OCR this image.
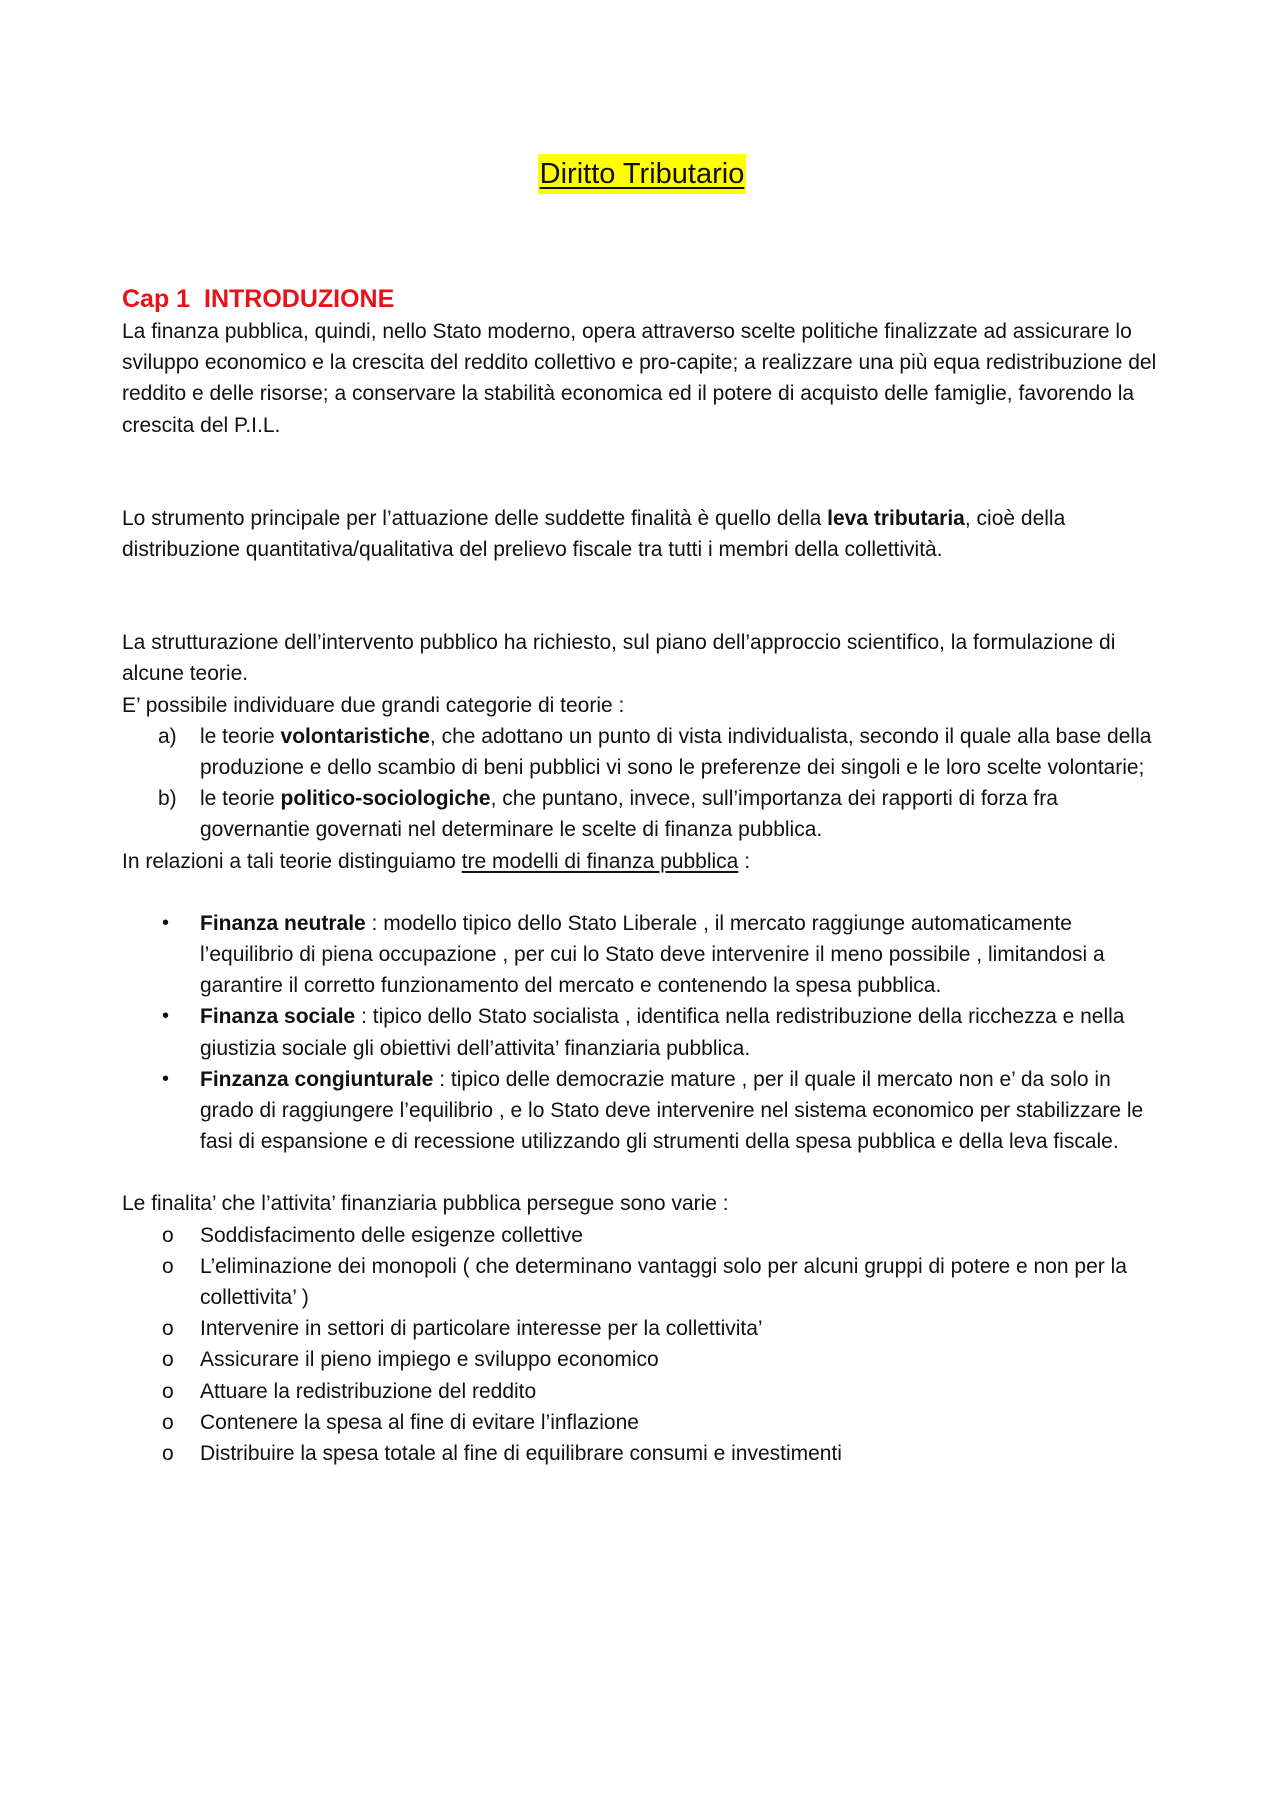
Diritto Tributario
Cap 1 INTRODUZIONE

La finanza pubblica, quindi, nello Stato moderno, opera attraverso scelte politiche finalizzate ad assicurare lo sviluppo economico e la crescita del reddito collettivo e pro-capite; a realizzare una più equa redistribuzione del reddito e delle risorse; a conservare la stabilità economica ed il potere di acquisto delle famiglie, favorendo la crescita del P.I.L.

Lo strumento principale per l’attuazione delle suddette finalità è quello della leva tributaria, cioè della distribuzione quantitativa/qualitativa del prelievo fiscale tra tutti i membri della collettività.

La strutturazione dell’intervento pubblico ha richiesto, sul piano dell’approccio scientifico, la formulazione di alcune teorie.

E’ possibile individuare due grandi categorie di teorie :

a) le teorie volontaristiche, che adottano un punto di vista individualista, secondo il quale alla base della produzione e dello scambio di beni pubblici vi sono le preferenze dei singoli e le loro scelte volontarie;
b) le teorie politico-sociologiche, che puntano, invece, sull’importanza dei rapporti di forza fra governantie governati nel determinare le scelte di finanza pubblica.

In relazioni a tali teorie distinguiamo tre modelli di finanza pubblica :

• Finanza neutrale : modello tipico dello Stato Liberale , il mercato raggiunge automaticamente l’equilibrio di piena occupazione , per cui lo Stato deve intervenire il meno possibile , limitandosi a garantire il corretto funzionamento del mercato e contenendo la spesa pubblica.
• Finanza sociale : tipico dello Stato socialista , identifica nella redistribuzione della ricchezza e nella giustizia sociale gli obiettivi dell’attivita’ finanziaria pubblica.
• Finzanza congiunturale : tipico delle democrazie mature , per il quale il mercato non e’ da solo in grado di raggiungere l’equilibrio , e lo Stato deve intervenire nel sistema economico per stabilizzare le fasi di espansione e di recessione utilizzando gli strumenti della spesa pubblica e della leva fiscale.

Le finalita’ che l’attivita’ finanziaria pubblica persegue sono varie :

o Soddisfacimento delle esigenze collettive
o L’eliminazione dei monopoli ( che determinano vantaggi solo per alcuni gruppi di potere e non per la collettivita’ )
o Intervenire in settori di particolare interesse per la collettivita’
o Assicurare il pieno impiego e sviluppo economico
o Attuare la redistribuzione del reddito
o Contenere la spesa al fine di evitare l’inflazione
o Distribuire la spesa totale al fine di equilibrare consumi e investimenti
